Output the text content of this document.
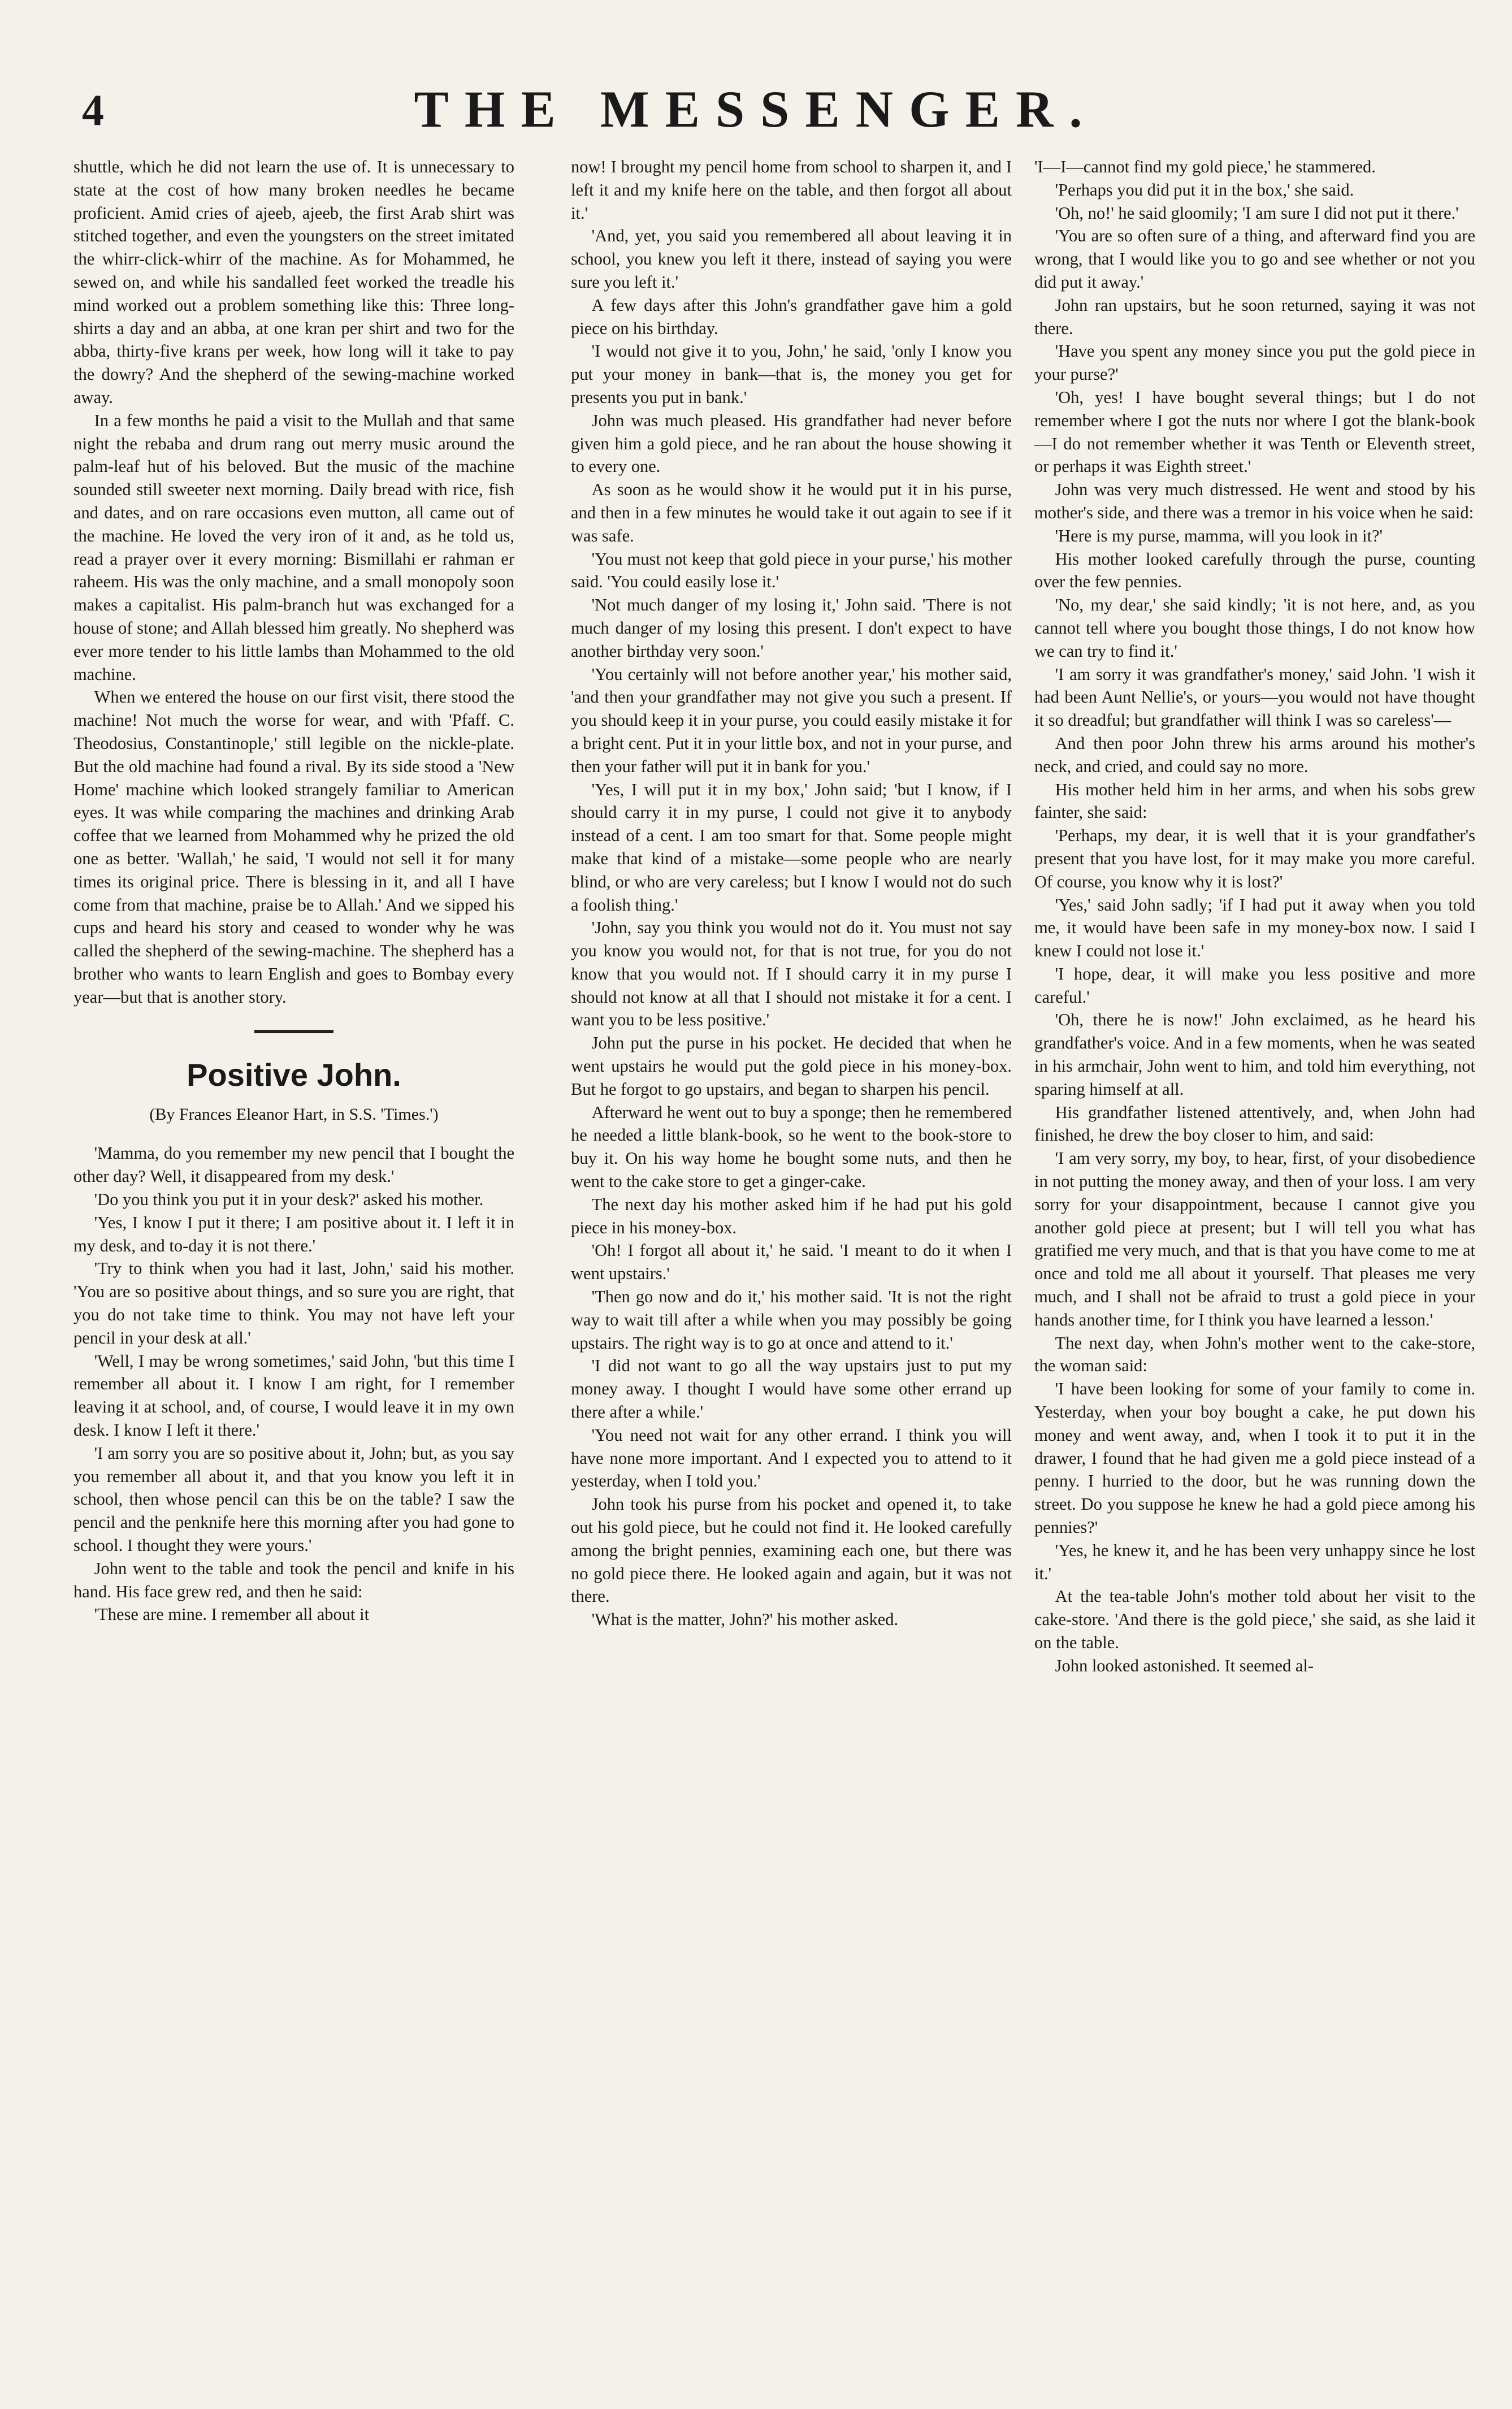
4	THE MESSENGER.

shuttle, which he did not learn the use of. It is unnecessary to state at the cost of how many broken needles he became proficient. Amid cries of ajeeb, ajeeb, the first Arab shirt was stitched together, and even the youngsters on the street imitated the whirr-click-whirr of the machine. As for Mohammed, he sewed on, and while his sandalled feet worked the treadle his mind worked out a problem something like this: Three long-shirts a day and an abba, at one kran per shirt and two for the abba, thirty-five krans per week, how long will it take to pay the dowry? And the shepherd of the sewing-machine worked away.

In a few months he paid a visit to the Mullah and that same night the rebaba and drum rang out merry music around the palm-leaf hut of his beloved. But the music of the machine sounded still sweeter next morning. Daily bread with rice, fish and dates, and on rare occasions even mutton, all came out of the machine. He loved the very iron of it and, as he told us, read a prayer over it every morning: Bismillahi er rahman er raheem. His was the only machine, and a small monopoly soon makes a capitalist. His palm-branch hut was exchanged for a house of stone; and Allah blessed him greatly. No shepherd was ever more tender to his little lambs than Mohammed to the old machine.

When we entered the house on our first visit, there stood the machine! Not much the worse for wear, and with 'Pfaff. C. Theodosius, Constantinople,' still legible on the nickle-plate. But the old machine had found a rival. By its side stood a 'New Home' machine which looked strangely familiar to American eyes. It was while comparing the machines and drinking Arab coffee that we learned from Mohammed why he prized the old one as better. 'Wallah,' he said, 'I would not sell it for many times its original price. There is blessing in it, and all I have come from that machine, praise be to Allah.' And we sipped his cups and heard his story and ceased to wonder why he was called the shepherd of the sewing-machine. The shepherd has a brother who wants to learn English and goes to Bombay every year—but that is another story.

Positive John.
(By Frances Eleanor Hart, in S.S. 'Times.')

'Mamma, do you remember my new pencil that I bought the other day? Well, it disappeared from my desk.'

'Do you think you put it in your desk?' asked his mother.

'Yes, I know I put it there; I am positive about it. I left it in my desk, and to-day it is not there.'

'Try to think when you had it last, John,' said his mother. 'You are so positive about things, and so sure you are right, that you do not take time to think. You may not have left your pencil in your desk at all.'

'Well, I may be wrong sometimes,' said John, 'but this time I remember all about it. I know I am right, for I remember leaving it at school, and, of course, I would leave it in my own desk. I know I left it there.'

'I am sorry you are so positive about it, John; but, as you say you remember all about it, and that you know you left it in school, then whose pencil can this be on the table? I saw the pencil and the penknife here this morning after you had gone to school. I thought they were yours.'

John went to the table and took the pencil and knife in his hand. His face grew red, and then he said:

'These are mine. I remember all about it

now! I brought my pencil home from school to sharpen it, and I left it and my knife here on the table, and then forgot all about it.'

'And, yet, you said you remembered all about leaving it in school, you knew you left it there, instead of saying you were sure you left it.'

A few days after this John's grandfather gave him a gold piece on his birthday.

'I would not give it to you, John,' he said, 'only I know you put your money in bank—that is, the money you get for presents you put in bank.'

John was much pleased. His grandfather had never before given him a gold piece, and he ran about the house showing it to every one.

As soon as he would show it he would put it in his purse, and then in a few minutes he would take it out again to see if it was safe.

'You must not keep that gold piece in your purse,' his mother said. 'You could easily lose it.'

'Not much danger of my losing it,' John said. 'There is not much danger of my losing this present. I don't expect to have another birthday very soon.'

'You certainly will not before another year,' his mother said, 'and then your grandfather may not give you such a present. If you should keep it in your purse, you could easily mistake it for a bright cent. Put it in your little box, and not in your purse, and then your father will put it in bank for you.'

'Yes, I will put it in my box,' John said; 'but I know, if I should carry it in my purse, I could not give it to anybody instead of a cent. I am too smart for that. Some people might make that kind of a mistake—some people who are nearly blind, or who are very careless; but I know I would not do such a foolish thing.'

'John, say you think you would not do it. You must not say you know you would not, for that is not true, for you do not know that you would not. If I should carry it in my purse I should not know at all that I should not mistake it for a cent. I want you to be less positive.'

John put the purse in his pocket. He decided that when he went upstairs he would put the gold piece in his money-box. But he forgot to go upstairs, and began to sharpen his pencil.

Afterward he went out to buy a sponge; then he remembered he needed a little blank-book, so he went to the book-store to buy it. On his way home he bought some nuts, and then he went to the cake store to get a ginger-cake.

The next day his mother asked him if he had put his gold piece in his money-box.

'Oh! I forgot all about it,' he said. 'I meant to do it when I went upstairs.'

'Then go now and do it,' his mother said. 'It is not the right way to wait till after a while when you may possibly be going upstairs. The right way is to go at once and attend to it.'

'I did not want to go all the way upstairs just to put my money away. I thought I would have some other errand up there after a while.'

'You need not wait for any other errand. I think you will have none more important. And I expected you to attend to it yesterday, when I told you.'

John took his purse from his pocket and opened it, to take out his gold piece, but he could not find it. He looked carefully among the bright pennies, examining each one, but there was no gold piece there. He looked again and again, but it was not there.

'What is the matter, John?' his mother asked.

'I—I—cannot find my gold piece,' he stammered.

'Perhaps you did put it in the box,' she said.

'Oh, no!' he said gloomily; 'I am sure I did not put it there.'

'You are so often sure of a thing, and afterward find you are wrong, that I would like you to go and see whether or not you did put it away.'

John ran upstairs, but he soon returned, saying it was not there.

'Have you spent any money since you put the gold piece in your purse?'

'Oh, yes! I have bought several things; but I do not remember where I got the nuts nor where I got the blank-book—I do not remember whether it was Tenth or Eleventh street, or perhaps it was Eighth street.'

John was very much distressed. He went and stood by his mother's side, and there was a tremor in his voice when he said:

'Here is my purse, mamma, will you look in it?'

His mother looked carefully through the purse, counting over the few pennies.

'No, my dear,' she said kindly; 'it is not here, and, as you cannot tell where you bought those things, I do not know how we can try to find it.'

'I am sorry it was grandfather's money,' said John. 'I wish it had been Aunt Nellie's, or yours—you would not have thought it so dreadful; but grandfather will think I was so careless'—

And then poor John threw his arms around his mother's neck, and cried, and could say no more.

His mother held him in her arms, and when his sobs grew fainter, she said:

'Perhaps, my dear, it is well that it is your grandfather's present that you have lost, for it may make you more careful. Of course, you know why it is lost?'

'Yes,' said John sadly; 'if I had put it away when you told me, it would have been safe in my money-box now. I said I knew I could not lose it.'

'I hope, dear, it will make you less positive and more careful.'

'Oh, there he is now!' John exclaimed, as he heard his grandfather's voice. And in a few moments, when he was seated in his armchair, John went to him, and told him everything, not sparing himself at all.

His grandfather listened attentively, and, when John had finished, he drew the boy closer to him, and said:

'I am very sorry, my boy, to hear, first, of your disobedience in not putting the money away, and then of your loss. I am very sorry for your disappointment, because I cannot give you another gold piece at present; but I will tell you what has gratified me very much, and that is that you have come to me at once and told me all about it yourself. That pleases me very much, and I shall not be afraid to trust a gold piece in your hands another time, for I think you have learned a lesson.'

The next day, when John's mother went to the cake-store, the woman said:

'I have been looking for some of your family to come in. Yesterday, when your boy bought a cake, he put down his money and went away, and, when I took it to put it in the drawer, I found that he had given me a gold piece instead of a penny. I hurried to the door, but he was running down the street. Do you suppose he knew he had a gold piece among his pennies?'

'Yes, he knew it, and he has been very unhappy since he lost it.'

At the tea-table John's mother told about her visit to the cake-store. 'And there is the gold piece,' she said, as she laid it on the table.

John looked astonished. It seemed al-
